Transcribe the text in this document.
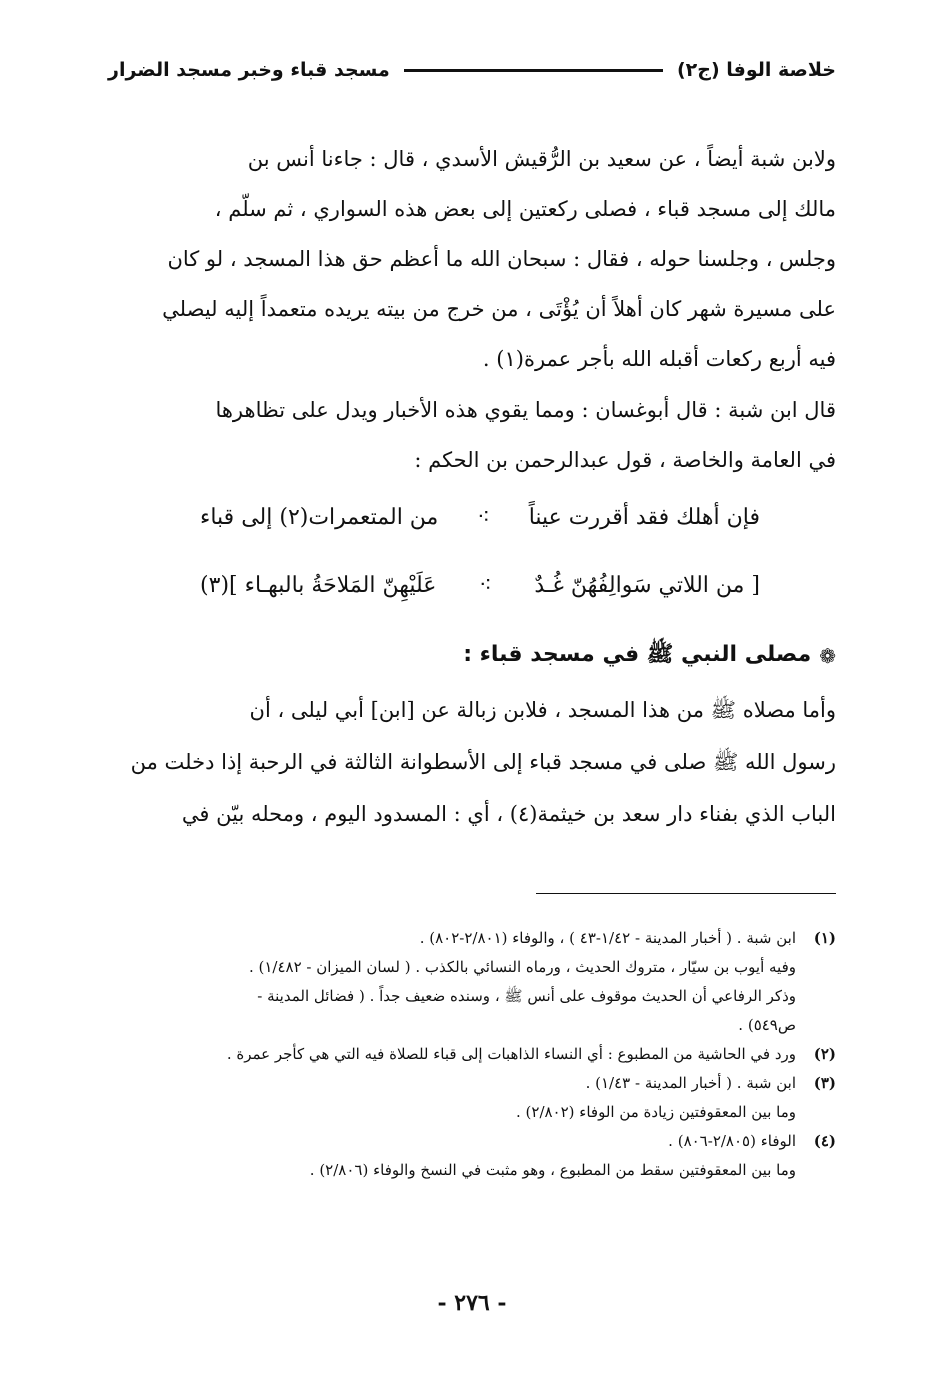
خلاصة الوفا (ج٢)
مسجد قباء وخبر مسجد الضرار

ولابن شبة أيضاً ، عن سعيد بن الرُّقيش الأسدي ، قال : جاءنا أنس بن
مالك إلى مسجد قباء ، فصلى ركعتين إلى بعض هذه السواري ، ثم سلّم ،
وجلس ، وجلسنا حوله ، فقال : سبحان الله ما أعظم حق هذا المسجد ، لو كان
على مسيرة شهر كان أهلاً أن يُؤْتَى ، من خرج من بيته يريده متعمداً إليه ليصلي
فيه أربع ركعات أقبله الله بأجر عمرة(١) .

قال ابن شبة : قال أبوغسان : ومما يقوي هذه الأخبار ويدل على تظاهرها
في العامة والخاصة ، قول عبدالرحمن بن الحكم :

فإن أهلك فقد أقررت عيناً
⁖
من المتعمرات(٢) إلى قباء
[ من اللاتي سَوالِفُهُنّ غُـدٌ
⁖
عَلَيْهِنّ المَلاحَةُ بالبهـاء ](٣)
❁
مصلى النبي ﷺ في مسجد قباء :

وأما مصلاه ﷺ من هذا المسجد ، فلابن زبالة عن [ابن] أبي ليلى ، أن
رسول الله ﷺ صلى في مسجد قباء إلى الأسطوانة الثالثة في الرحبة إذا دخلت من
الباب الذي بفناء دار سعد بن خيثمة(٤) ، أي : المسدود اليوم ، ومحله بيّن في

(١)
ابن شبة . ( أخبار المدينة - ١/٤٢-٤٣ ) ، والوفاء (٢/٨٠١-٨٠٢) .
وفيه أيوب بن سيّار ، متروك الحديث ، ورماه النسائي بالكذب . ( لسان الميزان - ١/٤٨٢) .
وذكر الرفاعي أن الحديث موقوف على أنس ﷺ ، وسنده ضعيف جداً . ( فضائل المدينة -
ص٥٤٩) .
(٢)
ورد في الحاشية من المطبوع : أي النساء الذاهبات إلى قباء للصلاة فيه التي هي كأجر عمرة .
(٣)
ابن شبة . ( أخبار المدينة - ١/٤٣) .
وما بين المعقوفتين زيادة من الوفاء (٢/٨٠٢) .
(٤)
الوفاء (٢/٨٠٥-٨٠٦) .
وما بين المعقوفتين سقط من المطبوع ، وهو مثبت في النسخ والوفاء (٢/٨٠٦) .
- ٢٧٦ -
